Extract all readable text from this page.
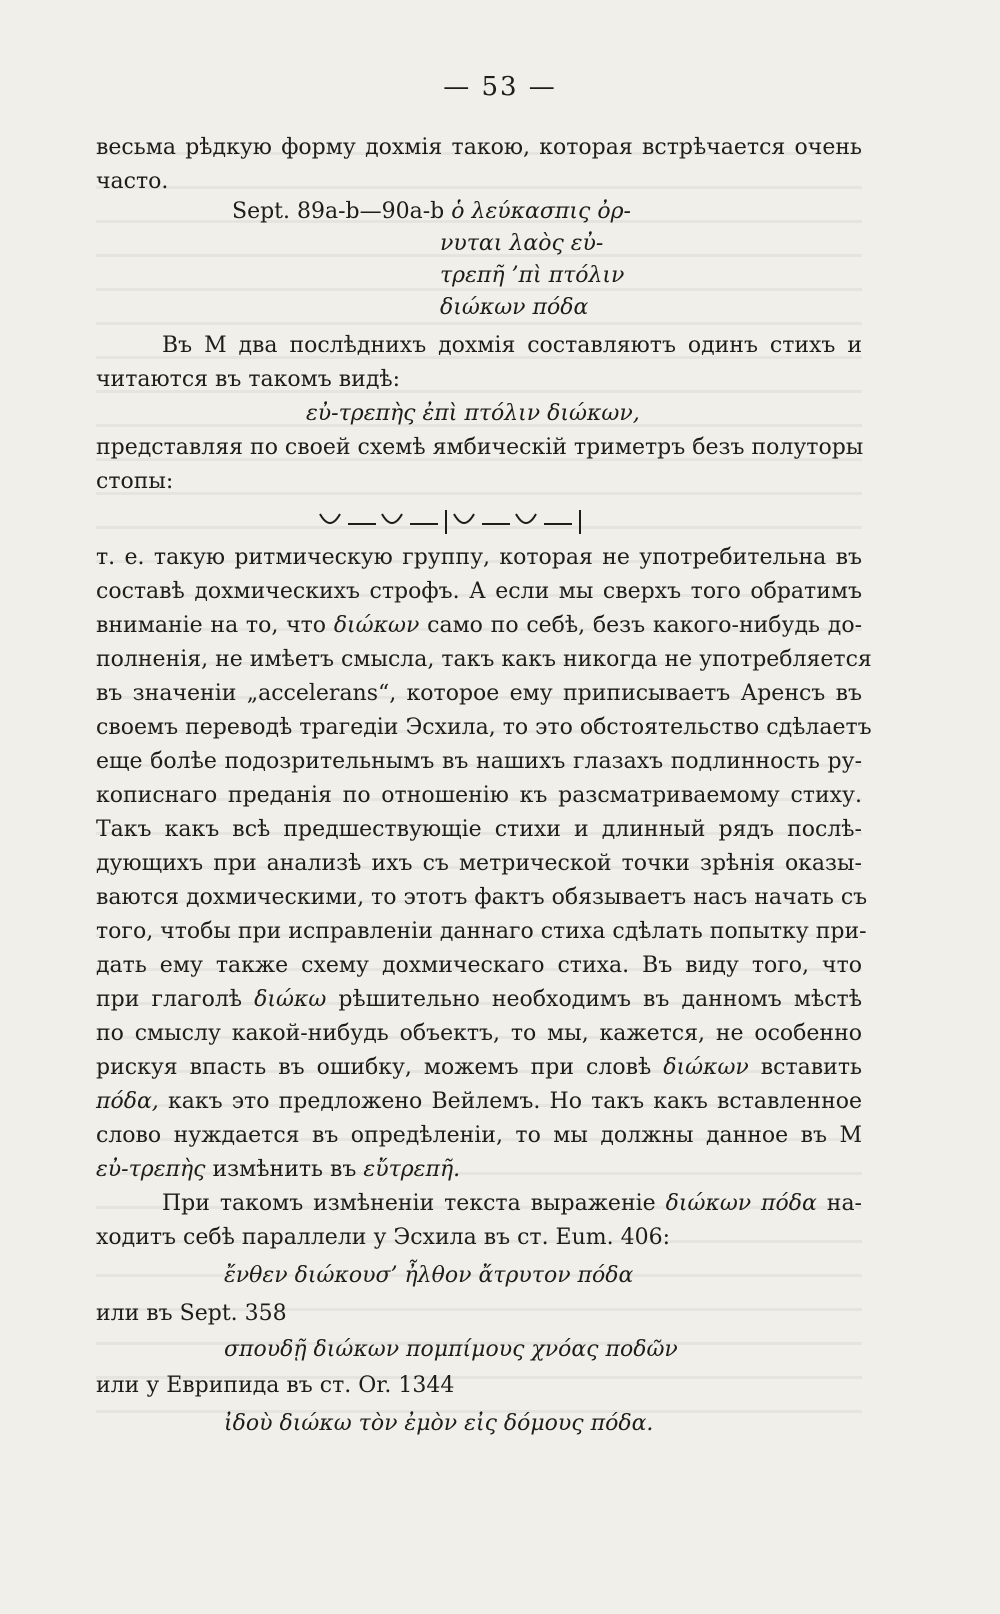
— 53 —
весьма рѣдкую форму дохмія такою, которая встрѣчается очень
часто.
Sept. 89a-b—90a-b ὁ λεύκασπις ὀρ-
νυται λαὸς εὐ-
τρεπῆ ’πὶ πτόλιν
διώκων πόδα
Въ М два послѣднихъ дохмія составляютъ одинъ стихъ и
читаются въ такомъ видѣ:
εὐ-τρεπὴς ἐπὶ πτόλιν διώκων,
представляя по своей схемѣ ямбическій триметръ безъ полуторы
стопы:
т. е. такую ритмическую группу, которая не употребительна въ
составѣ дохмическихъ строфъ. А если мы сверхъ того обратимъ
вниманіе на то, что διώκων само по себѣ, безъ какого-нибудь до-
полненія, не имѣетъ смысла, такъ какъ никогда не употребляется
въ значеніи „accelerans“, которое ему приписываетъ Аренсъ въ
своемъ переводѣ трагедіи Эсхила, то это обстоятельство сдѣлаетъ
еще болѣе подозрительнымъ въ нашихъ глазахъ подлинность ру-
кописнаго преданія по отношенію къ разсматриваемому стиху.
Такъ какъ всѣ предшествующіе стихи и длинный рядъ послѣ-
дующихъ при анализѣ ихъ съ метрической точки зрѣнія оказы-
ваются дохмическими, то этотъ фактъ обязываетъ насъ начать съ
того, чтобы при исправленіи даннаго стиха сдѣлать попытку при-
дать ему также схему дохмическаго стиха. Въ виду того, что
при глаголѣ διώκω рѣшительно необходимъ въ данномъ мѣстѣ
по смыслу какой-нибудь объектъ, то мы, кажется, не особенно
рискуя впасть въ ошибку, можемъ при словѣ διώκων вставить
πόδα, какъ это предложено Вейлемъ. Но такъ какъ вставленное
слово нуждается въ опредѣленіи, то мы должны данное въ М
εὐ-τρεπὴς измѣнить въ εὔτρεπῆ.
При такомъ измѣненіи текста выраженіе διώκων πόδα на-
ходитъ себѣ параллели у Эсхила въ ст. Eum. 406:
ἔνθεν διώκουσ’ ἦλθον ἄτρυτον πόδα
или въ Sept. 358
σπουδῇ διώκων πομπίμους χνόας ποδῶν
или у Еврипида въ ст. Or. 1344
ἰδοὺ διώκω τὸν ἐμὸν εἰς δόμους πόδα.
